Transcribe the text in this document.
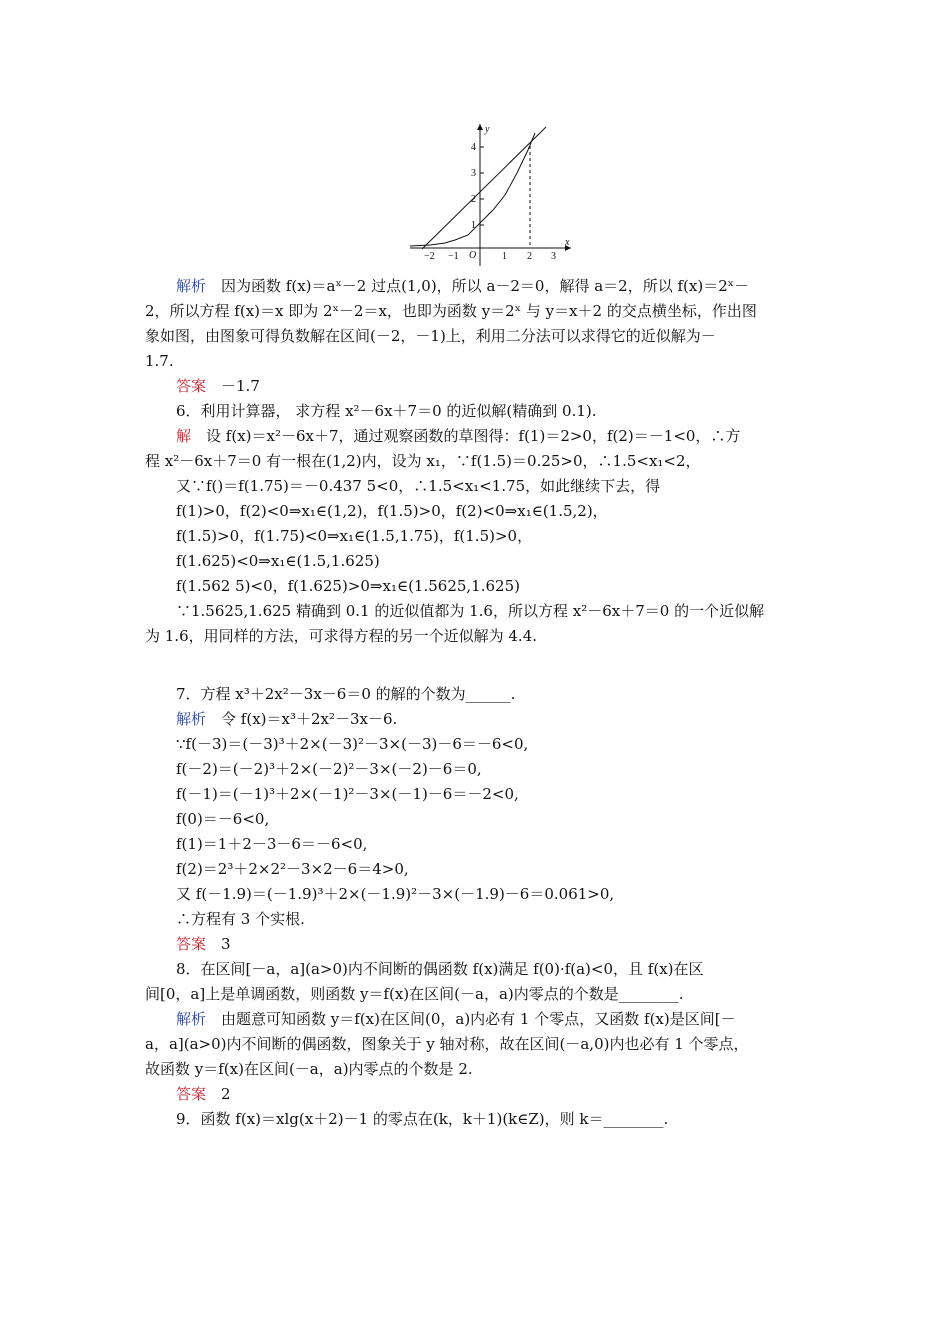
y
x
O
−2 −1	1 2 3
1
2
3
4
解析　因为函数 f(x)＝aˣ－2 过点(1,0)，所以 a－2＝0，解得 a＝2，所以 f(x)＝2ˣ－
2，所以方程 f(x)＝x 即为 2ˣ－2＝x，也即为函数 y＝2ˣ 与 y＝x＋2 的交点横坐标，作出图
象如图，由图象可得负数解在区间(－2，－1)上，利用二分法可以求得它的近似解为－
1.7.
答案　－1.7
6．利用计算器， 求方程 x²－6x＋7＝0 的近似解(精确到 0.1).
解　设 f(x)＝x²－6x＋7，通过观察函数的草图得：f(1)＝2>0，f(2)＝－1<0，∴方
程 x²－6x＋7＝0 有一根在(1,2)内，设为 x₁，∵f(1.5)＝0.25>0，∴1.5<x₁<2，
又∵f()＝f(1.75)＝－0.437 5<0，∴1.5<x₁<1.75，如此继续下去，得
f(1)>0，f(2)<0⇒x₁∈(1,2)，f(1.5)>0，f(2)<0⇒x₁∈(1.5,2)，
f(1.5)>0，f(1.75)<0⇒x₁∈(1.5,1.75)，f(1.5)>0，
f(1.625)<0⇒x₁∈(1.5,1.625)
f(1.562 5)<0，f(1.625)>0⇒x₁∈(1.5625,1.625)
∵1.5625,1.625 精确到 0.1 的近似值都为 1.6，所以方程 x²－6x＋7＝0 的一个近似解
为 1.6，用同样的方法，可求得方程的另一个近似解为 4.4.
7．方程 x³＋2x²－3x－6＝0 的解的个数为______.
解析　令 f(x)＝x³＋2x²－3x－6.
∵f(－3)＝(－3)³＋2×(－3)²－3×(－3)－6＝－6<0,
f(－2)＝(－2)³＋2×(－2)²－3×(－2)－6＝0,
f(－1)＝(－1)³＋2×(－1)²－3×(－1)－6＝－2<0,
f(0)＝－6<0,
f(1)＝1＋2－3－6＝－6<0,
f(2)＝2³＋2×2²－3×2－6＝4>0,
又 f(－1.9)＝(－1.9)³＋2×(－1.9)²－3×(－1.9)－6＝0.061>0,
∴方程有 3 个实根.
答案　3
8．在区间[－a，a](a>0)内不间断的偶函数 f(x)满足 f(0)·f(a)<0，且 f(x)在区
间[0，a]上是单调函数，则函数 y＝f(x)在区间(－a，a)内零点的个数是________.
解析　由题意可知函数 y＝f(x)在区间(0，a)内必有 1 个零点，又函数 f(x)是区间[－
a，a](a>0)内不间断的偶函数，图象关于 y 轴对称，故在区间(－a,0)内也必有 1 个零点，
故函数 y＝f(x)在区间(－a，a)内零点的个数是 2.
答案　2
9．函数 f(x)＝xlg(x＋2)－1 的零点在(k，k＋1)(k∈Z)，则 k＝________.
